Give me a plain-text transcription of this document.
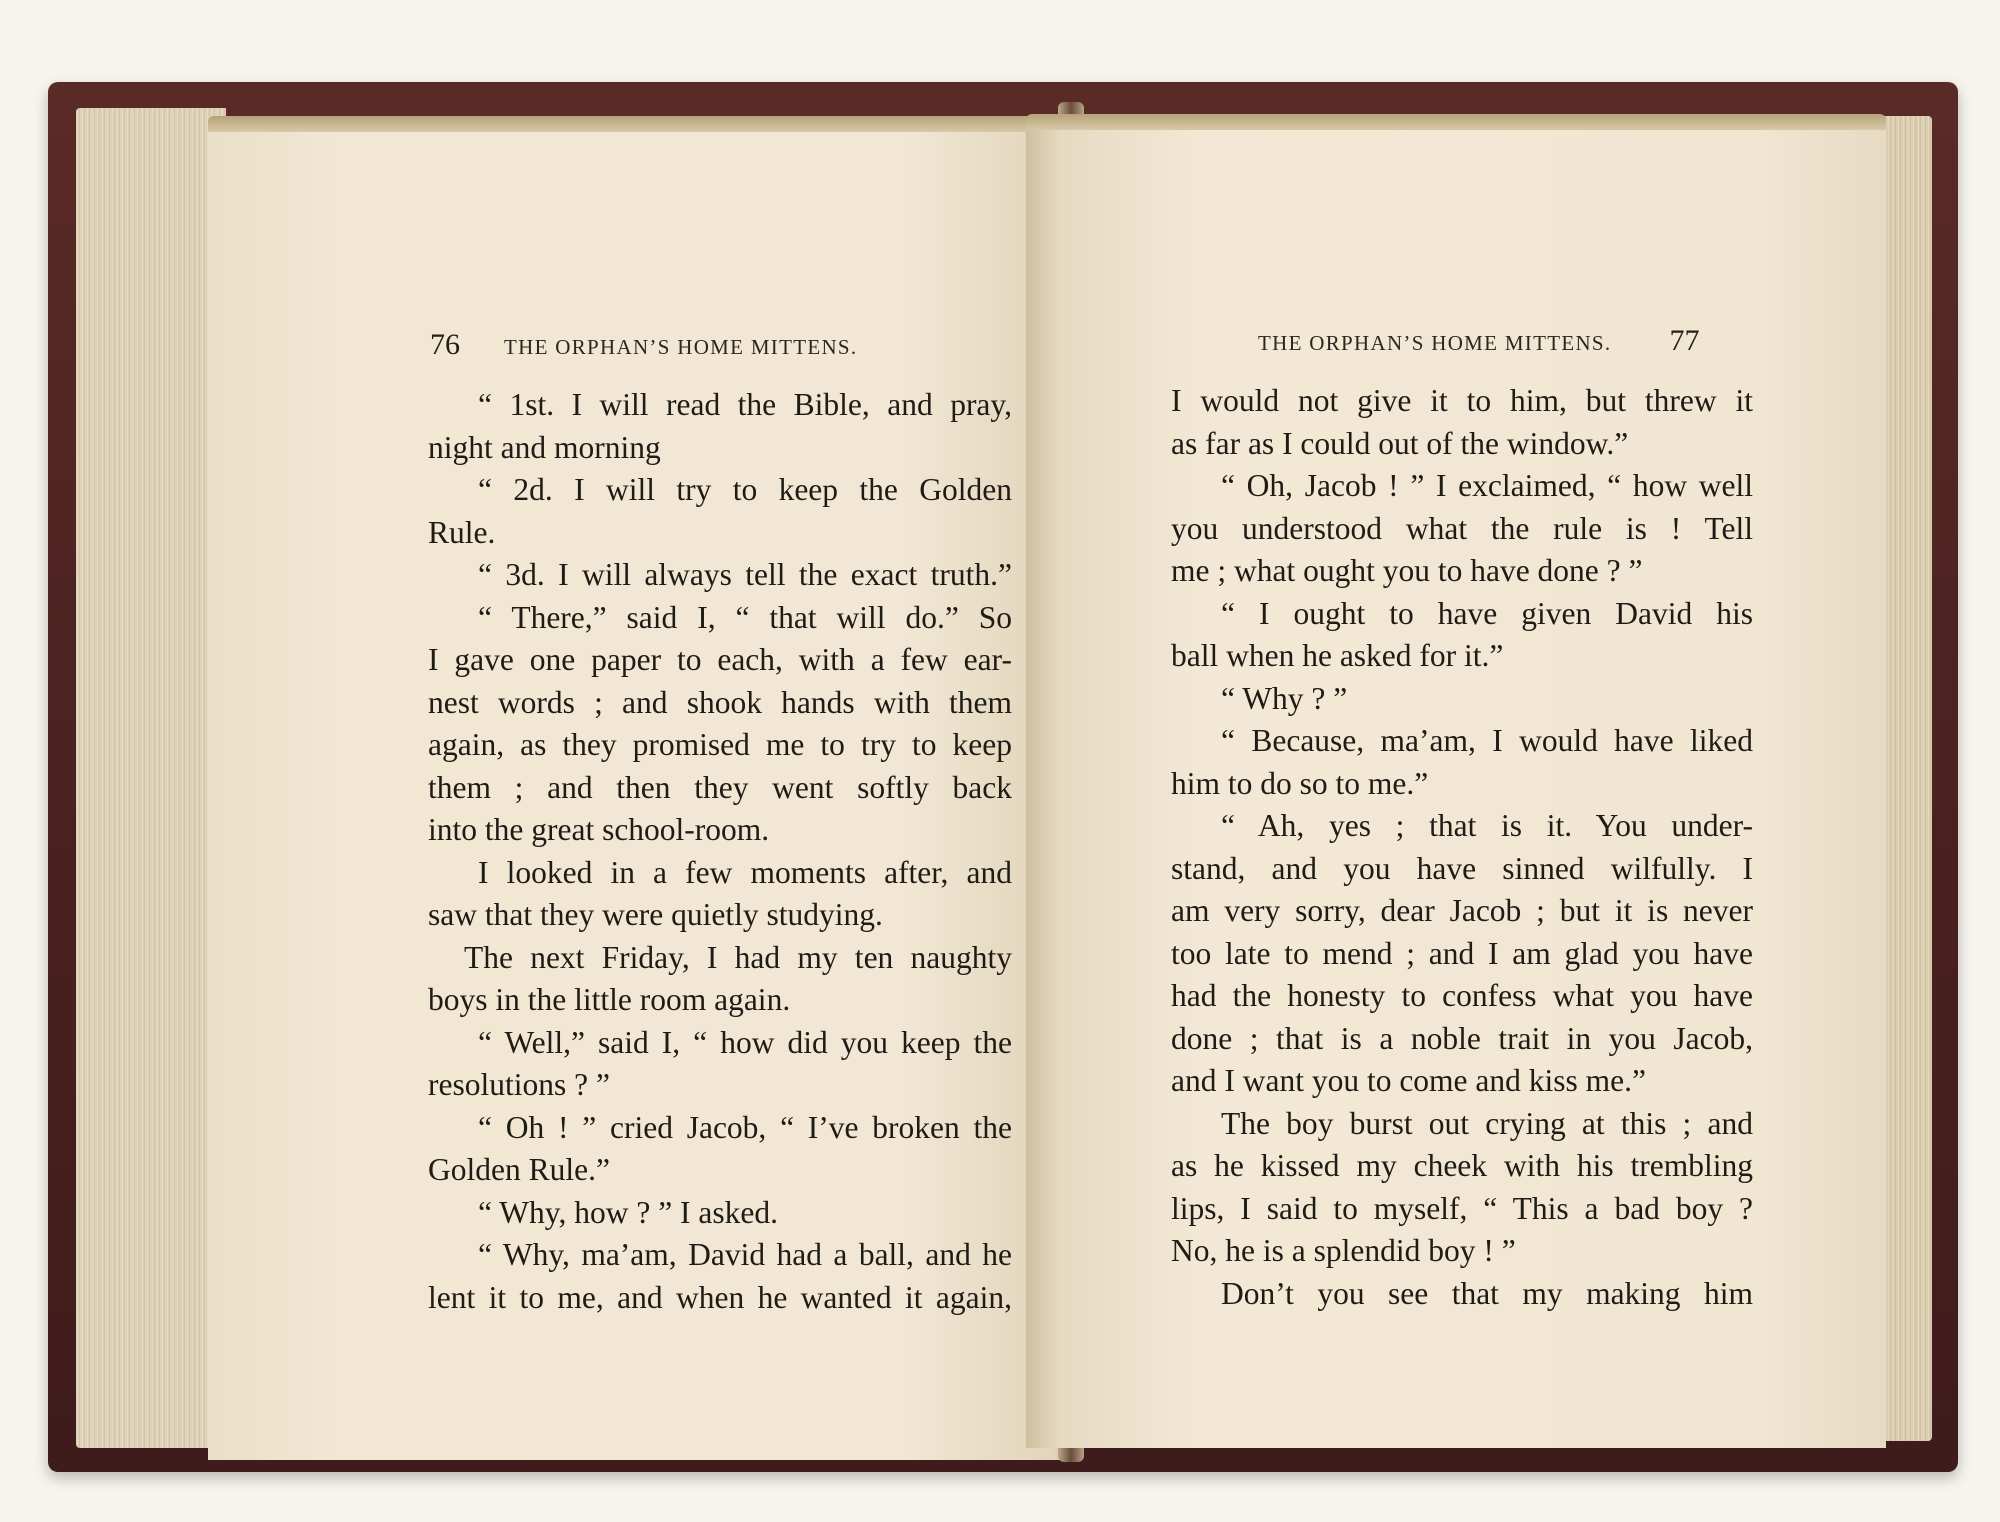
76 THE ORPHAN’S HOME MITTENS.
“ 1st. I will read the Bible, and pray,
night and morning
“ 2d. I will try to keep the Golden
Rule.
“ 3d. I will always tell the exact truth.”
“ There,” said I, “ that will do.” So
I gave one paper to each, with a few ear-
nest words ; and shook hands with them
again, as they promised me to try to keep
them ; and then they went softly back
into the great school-room.
I looked in a few moments after, and
saw that they were quietly studying.
The next Friday, I had my ten naughty
boys in the little room again.
“ Well,” said I, “ how did you keep the
resolutions ? ”
“ Oh ! ” cried Jacob, “ I’ve broken the
Golden Rule.”
“ Why, how ? ” I asked.
“ Why, ma’am, David had a ball, and he
lent it to me, and when he wanted it again,
THE ORPHAN’S HOME MITTENS. 77
I would not give it to him, but threw it
as far as I could out of the window.”
“ Oh, Jacob ! ” I exclaimed, “ how well
you understood what the rule is ! Tell
me ; what ought you to have done ? ”
“ I ought to have given David his
ball when he asked for it.”
“ Why ? ”
“ Because, ma’am, I would have liked
him to do so to me.”
“ Ah, yes ; that is it. You under-
stand, and you have sinned wilfully. I
am very sorry, dear Jacob ; but it is never
too late to mend ; and I am glad you have
had the honesty to confess what you have
done ; that is a noble trait in you Jacob,
and I want you to come and kiss me.”
The boy burst out crying at this ; and
as he kissed my cheek with his trembling
lips, I said to myself, “ This a bad boy ?
No, he is a splendid boy ! ”
Don’t you see that my making him
